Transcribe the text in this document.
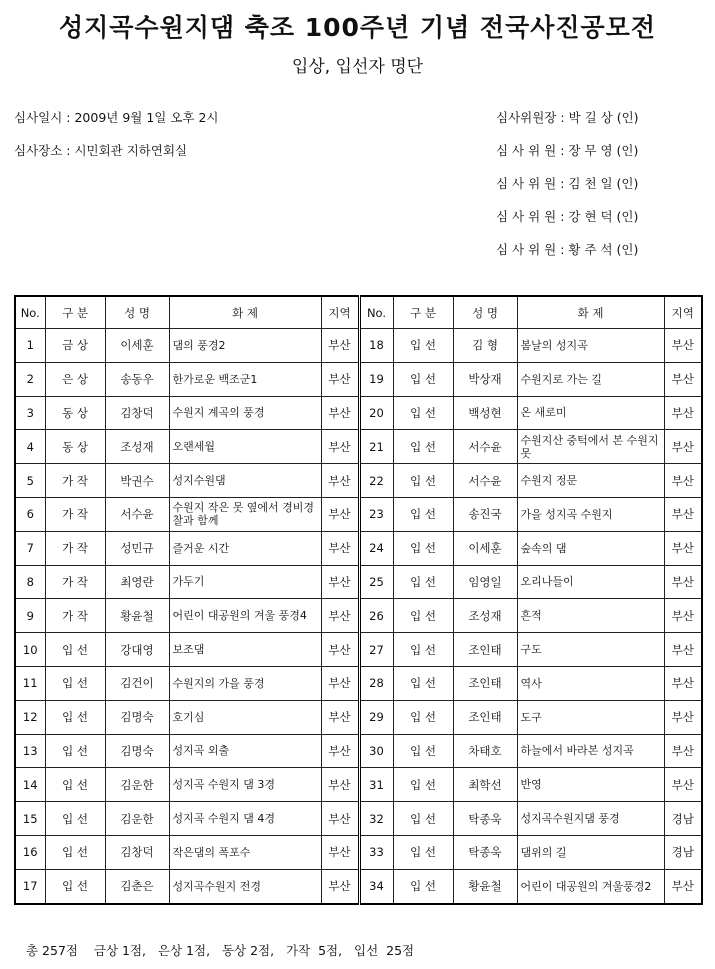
성지곡수원지댐 축조 100주년 기념 전국사진공모전
입상, 입선자 명단
심사일시 : 2009년 9월 1일 오후 2시
심사장소 : 시민회관 지하연회실
심사위원장 : 박 길 상 (인)
심 사 위 원 : 장 무 영 (인)
심 사 위 원 : 김 천 일 (인)
심 사 위 원 : 강 현 덕 (인)
심 사 위 원 : 황 주 석 (인)
No.	구 분	성 명	화 제	지역	No.	구 분	성 명	화 제	지역
1	금 상	이세훈	댐의 풍경2	부산	18	입 선	김 형	봄날의 성지곡	부산
2	은 상	송동우	한가로운 백조군1	부산	19	입 선	박상재	수원지로 가는 길	부산
3	동 상	김창덕	수원지 계곡의 풍경	부산	20	입 선	백성현	온 새로미	부산
4	동 상	조성재	오랜세월	부산	21	입 선	서수윤	수원지산 중턱에서 본 수원지 못	부산
5	가 작	박권수	성지수원댐	부산	22	입 선	서수윤	수원지 정문	부산
6	가 작	서수윤	수원지 작은 못 옆에서 경비경찰과 함께	부산	23	입 선	송진국	가을 성지곡 수원지	부산
7	가 작	성민규	즐거운 시간	부산	24	입 선	이세훈	숲속의 댐	부산
8	가 작	최영란	가두기	부산	25	입 선	임영일	오리나들이	부산
9	가 작	황윤철	어린이 대공원의 겨울 풍경4	부산	26	입 선	조성재	흔적	부산
10	입 선	강대영	보조댐	부산	27	입 선	조인태	구도	부산
11	입 선	김건이	수원지의 가을 풍경	부산	28	입 선	조인태	역사	부산
12	입 선	김명숙	호기심	부산	29	입 선	조인태	도구	부산
13	입 선	김명숙	성지곡 외출	부산	30	입 선	차태호	하늘에서 바라본 성지곡	부산
14	입 선	김운한	성지곡 수원지 댐 3경	부산	31	입 선	최학선	반영	부산
15	입 선	김운한	성지곡 수원지 댐 4경	부산	32	입 선	탁종욱	성지곡수원지댐 풍경	경남
16	입 선	김창덕	작은댐의 폭포수	부산	33	입 선	탁종욱	댐위의 길	경남
17	입 선	김춘은	성지곡수원지 전경	부산	34	입 선	황윤철	어린이 대공원의 겨울풍경2	부산
총 257점    금상 1점,   은상 1점,   동상 2점,   가작  5점,   입선  25점
